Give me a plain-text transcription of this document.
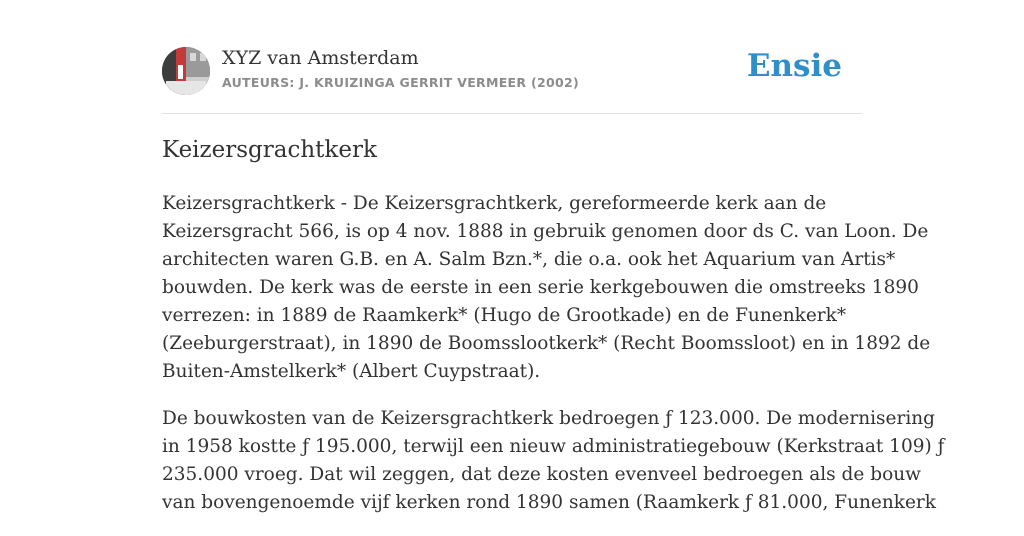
XYZ van Amsterdam
AUTEURS: J. KRUIZINGA GERRIT VERMEER (2002)	Ensie
Keizersgrachtkerk

Keizersgrachtkerk - De Keizersgrachtkerk, gereformeerde kerk aan de
Keizersgracht 566, is op 4 nov. 1888 in gebruik genomen door ds C. van Loon. De
architecten waren G.B. en A. Salm Bzn.*, die o.a. ook het Aquarium van Artis*
bouwden. De kerk was de eerste in een serie kerkgebouwen die omstreeks 1890
verrezen: in 1889 de Raamkerk* (Hugo de Grootkade) en de Funenkerk*
(Zeeburgerstraat), in 1890 de Boomsslootkerk* (Recht Boomssloot) en in 1892 de
Buiten-Amstelkerk* (Albert Cuypstraat).

De bouwkosten van de Keizersgrachtkerk bedroegen ƒ 123.000. De modernisering
in 1958 kostte ƒ 195.000, terwijl een nieuw administratiegebouw (Kerkstraat 109) ƒ
235.000 vroeg. Dat wil zeggen, dat deze kosten evenveel bedroegen als de bouw
van bovengenoemde vijf kerken rond 1890 samen (Raamkerk ƒ 81.000, Funenkerk
